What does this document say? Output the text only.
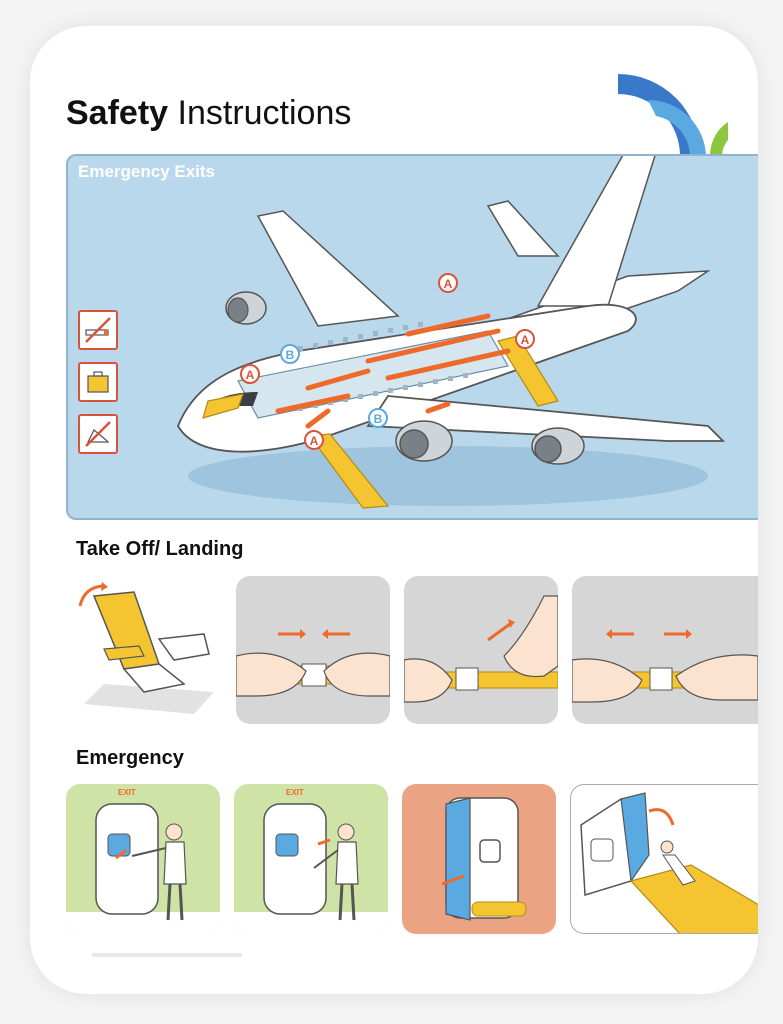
Safety Instructions
A
A
A
A
B
B
Emergency Exits
Take Off/ Landing
Emergency
EXIT	EXIT
